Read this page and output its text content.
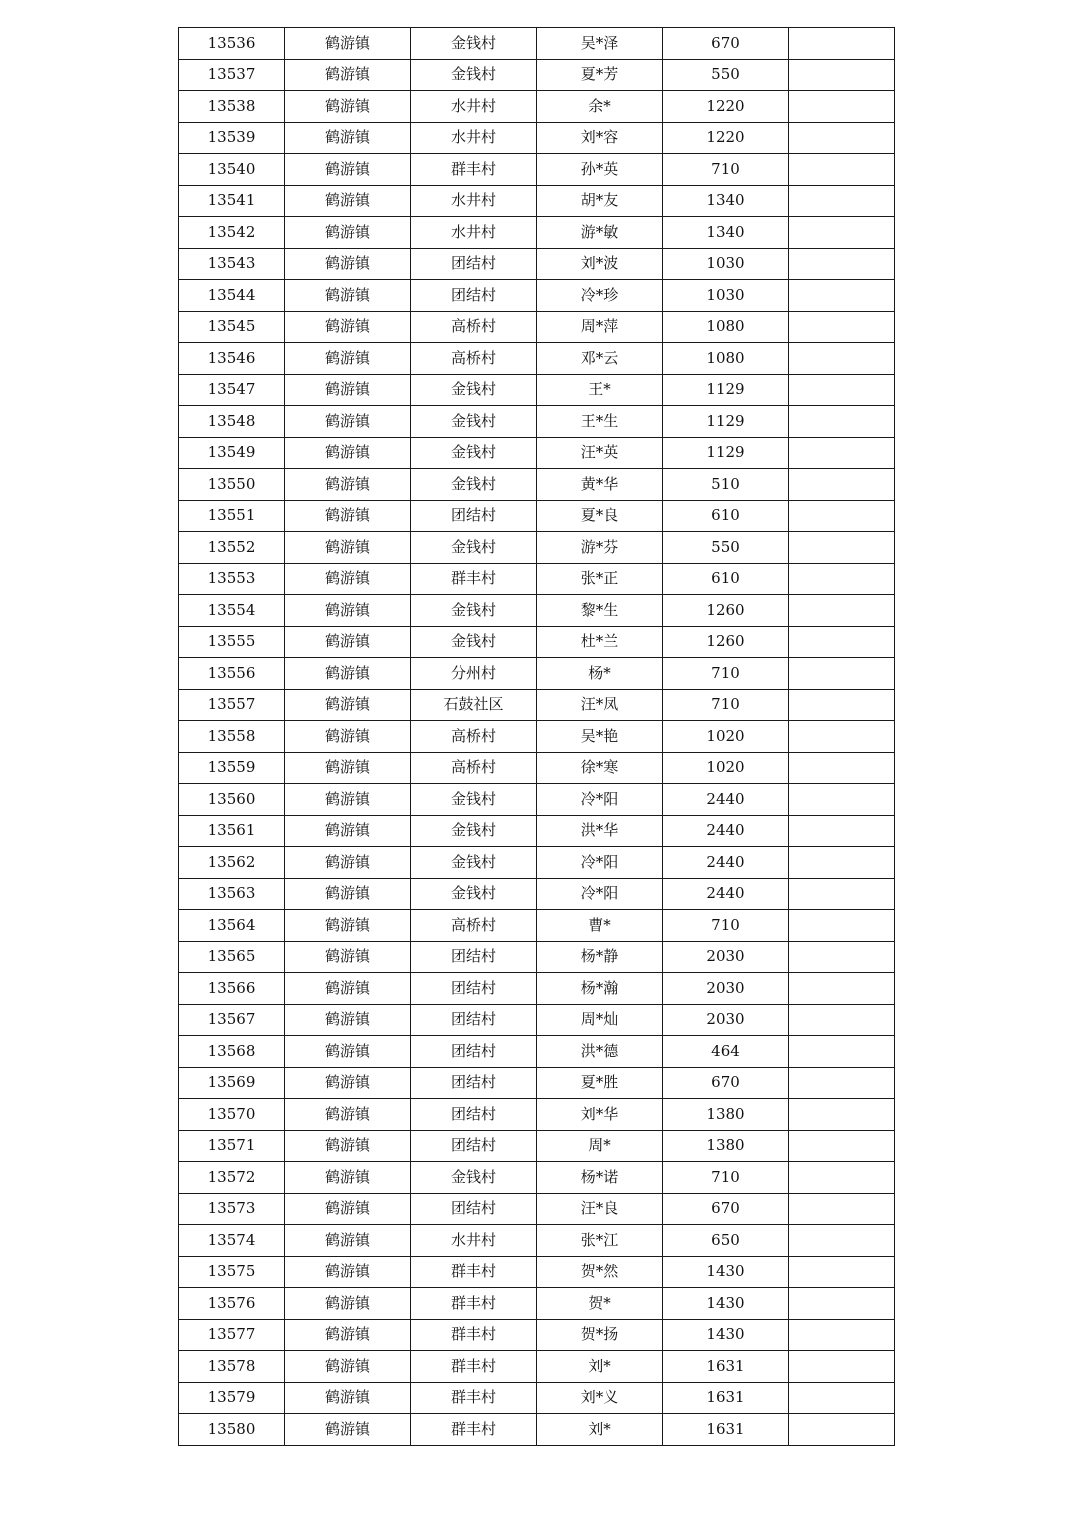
13536	鹤游镇	金钱村	吴*泽	670	
13537	鹤游镇	金钱村	夏*芳	550	
13538	鹤游镇	水井村	余*	1220	
13539	鹤游镇	水井村	刘*容	1220	
13540	鹤游镇	群丰村	孙*英	710	
13541	鹤游镇	水井村	胡*友	1340	
13542	鹤游镇	水井村	游*敏	1340	
13543	鹤游镇	团结村	刘*波	1030	
13544	鹤游镇	团结村	冷*珍	1030	
13545	鹤游镇	高桥村	周*萍	1080	
13546	鹤游镇	高桥村	邓*云	1080	
13547	鹤游镇	金钱村	王*	1129	
13548	鹤游镇	金钱村	王*生	1129	
13549	鹤游镇	金钱村	汪*英	1129	
13550	鹤游镇	金钱村	黄*华	510	
13551	鹤游镇	团结村	夏*良	610	
13552	鹤游镇	金钱村	游*芬	550	
13553	鹤游镇	群丰村	张*正	610	
13554	鹤游镇	金钱村	黎*生	1260	
13555	鹤游镇	金钱村	杜*兰	1260	
13556	鹤游镇	分州村	杨*	710	
13557	鹤游镇	石鼓社区	汪*凤	710	
13558	鹤游镇	高桥村	吴*艳	1020	
13559	鹤游镇	高桥村	徐*寒	1020	
13560	鹤游镇	金钱村	冷*阳	2440	
13561	鹤游镇	金钱村	洪*华	2440	
13562	鹤游镇	金钱村	冷*阳	2440	
13563	鹤游镇	金钱村	冷*阳	2440	
13564	鹤游镇	高桥村	曹*	710	
13565	鹤游镇	团结村	杨*静	2030	
13566	鹤游镇	团结村	杨*瀚	2030	
13567	鹤游镇	团结村	周*灿	2030	
13568	鹤游镇	团结村	洪*德	464	
13569	鹤游镇	团结村	夏*胜	670	
13570	鹤游镇	团结村	刘*华	1380	
13571	鹤游镇	团结村	周*	1380	
13572	鹤游镇	金钱村	杨*诺	710	
13573	鹤游镇	团结村	汪*良	670	
13574	鹤游镇	水井村	张*江	650	
13575	鹤游镇	群丰村	贺*然	1430	
13576	鹤游镇	群丰村	贺*	1430	
13577	鹤游镇	群丰村	贺*扬	1430	
13578	鹤游镇	群丰村	刘*	1631	
13579	鹤游镇	群丰村	刘*义	1631	
13580	鹤游镇	群丰村	刘*	1631	
